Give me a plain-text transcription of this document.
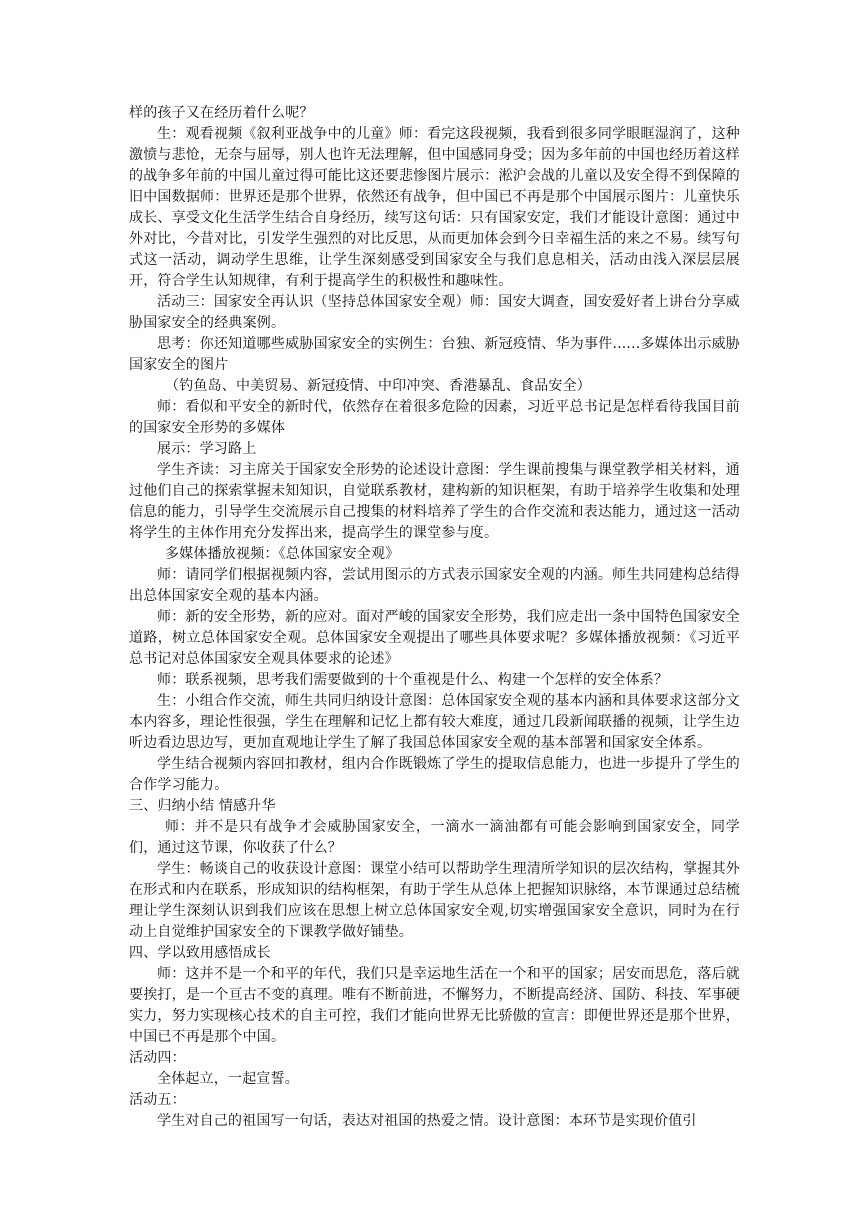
样的孩子又在经历着什么呢？

生：观看视频《叙利亚战争中的儿童》师：看完这段视频，我看到很多同学眼眶湿润了，这种激愤与悲怆，无奈与屈辱，别人也许无法理解，但中国感同身受；因为多年前的中国也经历着这样的战争多年前的中国儿童过得可能比这还要悲惨图片展示：淞沪会战的儿童以及安全得不到保障的旧中国数据师：世界还是那个世界，依然还有战争，但中国已不再是那个中国展示图片：儿童快乐成长、享受文化生活学生结合自身经历，续写这句话：只有国家安定，我们才能设计意图：通过中外对比，今昔对比，引发学生强烈的对比反思，从而更加体会到今日幸福生活的来之不易。续写句式这一活动，调动学生思维，让学生深刻感受到国家安全与我们息息相关，活动由浅入深层层展开，符合学生认知规律，有利于提高学生的积极性和趣味性。

活动三：国家安全再认识（坚持总体国家安全观）师：国安大调查，国安爱好者上讲台分享威胁国家安全的经典案例。

思考：你还知道哪些威胁国家安全的实例生：台独、新冠疫情、华为事件......多媒体出示威胁国家安全的图片

（钓鱼岛、中美贸易、新冠疫情、中印冲突、香港暴乱、食品安全）

师：看似和平安全的新时代，依然存在着很多危险的因素，习近平总书记是怎样看待我国目前的国家安全形势的多媒体

展示：学习路上

学生齐读：习主席关于国家安全形势的论述设计意图：学生课前搜集与课堂教学相关材料，通过他们自己的探索掌握未知知识，自觉联系教材，建构新的知识框架，有助于培养学生收集和处理信息的能力，引导学生交流展示自己搜集的材料培养了学生的合作交流和表达能力，通过这一活动将学生的主体作用充分发挥出来，提高学生的课堂参与度。

多媒体播放视频：《总体国家安全观》

师：请同学们根据视频内容，尝试用图示的方式表示国家安全观的内涵。师生共同建构总结得出总体国家安全观的基本内涵。

师：新的安全形势，新的应对。面对严峻的国家安全形势，我们应走出一条中国特色国家安全道路，树立总体国家安全观。总体国家安全观提出了哪些具体要求呢？多媒体播放视频：《习近平总书记对总体国家安全观具体要求的论述》

师：联系视频，思考我们需要做到的十个重视是什么、构建一个怎样的安全体系？

生：小组合作交流，师生共同归纳设计意图：总体国家安全观的基本内涵和具体要求这部分文本内容多，理论性很强，学生在理解和记忆上都有较大难度，通过几段新闻联播的视频，让学生边听边看边思边写，更加直观地让学生了解了我国总体国家安全观的基本部署和国家安全体系。

学生结合视频内容回扣教材，组内合作既锻炼了学生的提取信息能力，也进一步提升了学生的合作学习能力。

三、归纳小结 情感升华

师：并不是只有战争才会威胁国家安全，一滴水一滴油都有可能会影响到国家安全，同学们，通过这节课，你收获了什么？

学生：畅谈自己的收获设计意图：课堂小结可以帮助学生理清所学知识的层次结构，掌握其外在形式和内在联系，形成知识的结构框架，有助于学生从总体上把握知识脉络，本节课通过总结梳理让学生深刻认识到我们应该在思想上树立总体国家安全观,切实增强国家安全意识，同时为在行动上自觉维护国家安全的下课教学做好铺垫。

四、学以致用感悟成长

师：这并不是一个和平的年代，我们只是幸运地生活在一个和平的国家；居安而思危，落后就要挨打，是一个亘古不变的真理。唯有不断前进，不懈努力，不断提高经济、国防、科技、军事硬实力，努力实现核心技术的自主可控，我们才能向世界无比骄傲的宣言：即便世界还是那个世界，中国已不再是那个中国。

活动四：

全体起立，一起宣誓。

活动五：

学生对自己的祖国写一句话，表达对祖国的热爱之情。设计意图：本环节是实现价值引
